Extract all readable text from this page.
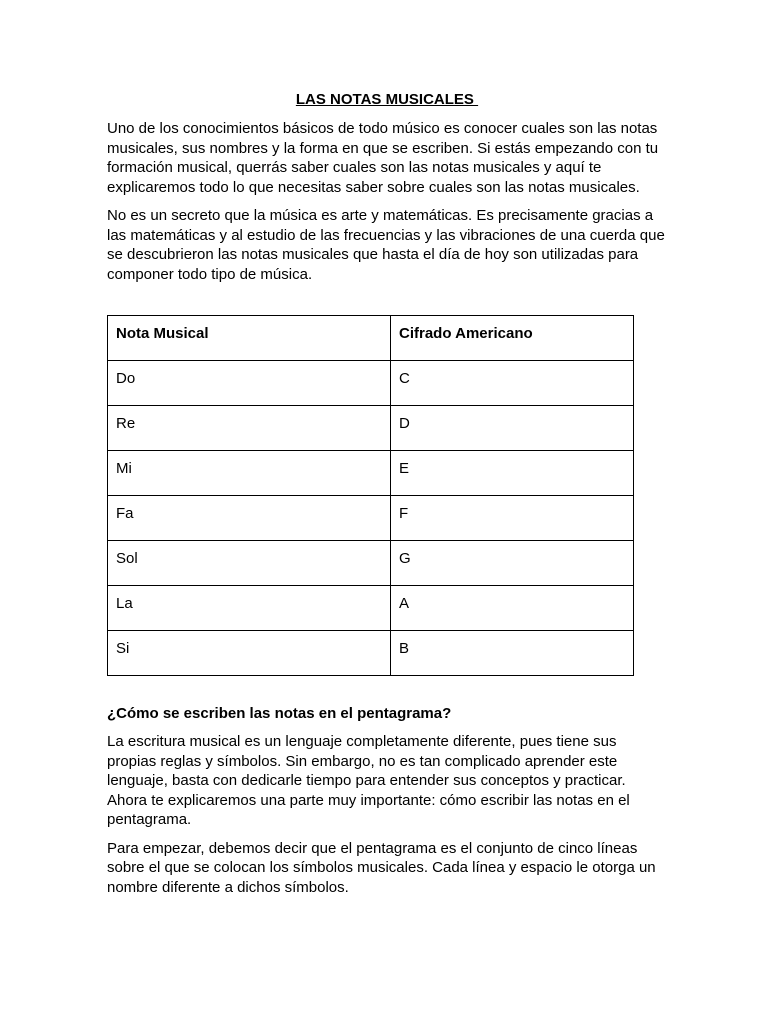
LAS NOTAS MUSICALES

Uno de los conocimientos básicos de todo músico es conocer cuales son las notas musicales, sus nombres y la forma en que se escriben. Si estás empezando con tu formación musical, querrás saber cuales son las notas musicales y aquí te explicaremos todo lo que necesitas saber sobre cuales son las notas musicales.

No es un secreto que la música es arte y matemáticas. Es precisamente gracias a las matemáticas y al estudio de las frecuencias y las vibraciones de una cuerda que se descubrieron las notas musicales que hasta el día de hoy son utilizadas para componer todo tipo de música.

Nota Musical	Cifrado Americano
Do	C
Re	D
Mi	E
Fa	F
Sol	G
La	A
Si	B
¿Cómo se escriben las notas en el pentagrama?

La escritura musical es un lenguaje completamente diferente, pues tiene sus propias reglas y símbolos. Sin embargo, no es tan complicado aprender este lenguaje, basta con dedicarle tiempo para entender sus conceptos y practicar. Ahora te explicaremos una parte muy importante: cómo escribir las notas en el pentagrama.

Para empezar, debemos decir que el pentagrama es el conjunto de cinco líneas sobre el que se colocan los símbolos musicales. Cada línea y espacio le otorga un nombre diferente a dichos símbolos.
